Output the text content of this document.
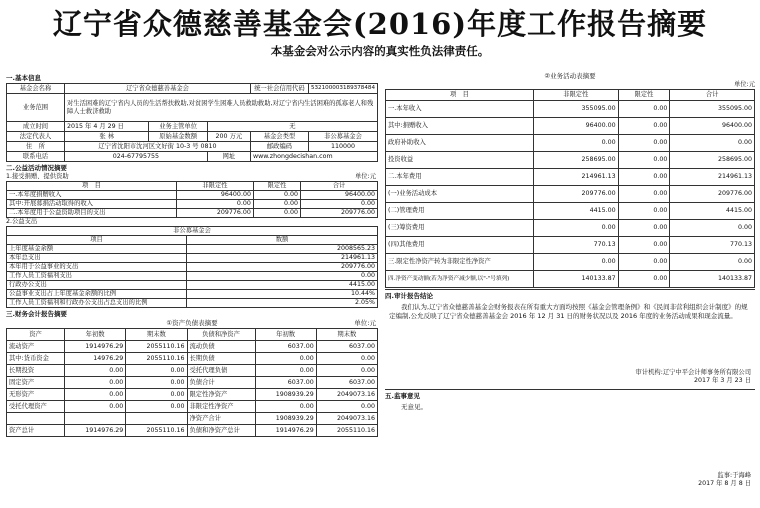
辽宁省众德慈善基金会(2016)年度工作报告摘要
本基金会对公示内容的真实性负法律责任。
一.基本信息
基金会名称	辽宁省众德慈善基金会			统一社会信用代码	53210000318937848​4
业务范围	对生活困难的辽宁省内人员的生活帮扶救助,对贫困学生困难人员救助救助,对辽宁省内生活困难的孤寡老人和残障人士救济救助				
成立时间	2015 年 4 月 29 日	业务主管单位	无		
法定代表人	张 林	原始基金数额	200 万元	基金会类型	非公募基金会
住　所	辽宁省沈阳市沈河区文好街 10-3 号 0810			邮政编码	110000
联系电话	024-67795755		网址	www.zhongdecishan.com	
二.公益活动情况摘要
1.接受捐赠、提供资助	单位:元
项　目	非限定性	限定性	合计
一.本年度捐赠收入	96400.00	0.00	96400.00
其中:开展募捐活动取得的收入	0.00	0.00	0.00
二.本年度用于公益资助项目的支出	209776.00	0.00	209776.00
2.公益支出
非公募基金会	
项目	数额
上年度基金余额	2008565.23
本年总支出	214961.13
本年用于公益事业的支出	209776.00
工作人员工资福利支出	0.00
行政办公支出	4415.00
公益事业支出占上年度基金余额的比例	10.44%
工作人员工资福利和行政办公支出占总支出的比例	2.05%
三.财务会计报告摘要
①资产负债表摘要	单位:元
资产	年初数	期末数	负债和净资产	年初数	期末数
流动资产	1914976.29	2055110.16	流动负债	6037.00	6037.00
其中:货币资金	14976.29	2055110.16	长期负债	0.00	0.00
长期投资	0.00	0.00	受托代理负债	0.00	0.00
固定资产	0.00	0.00	负债合计	6037.00	6037.00
无形资产	0.00	0.00	限定性净资产	1908939.29	2049073.16
受托代理资产	0.00	0.00	非限定性净资产	0.00	0.00
			净资产合计	1908939.29	2049073.16
资产总计	1914976.29	2055110.16	负债和净资产总计	1914976.29	2055110.16
②业务活动表摘要
单位:元
项　目	非限定性	限定性	合计
一.本年收入	355095.00	0.00	355095.00
其中:捐赠收入	96400.00	0.00	96400.00
政府补助收入	0.00	0.00	0.00
投资收益	258695.00	0.00	258695.00
二.本年费用	214961.13	0.00	214961.13
(一)业务活动成本	209776.00	0.00	209776.00
(二)管理费用	4415.00	0.00	4415.00
(三)筹资费用	0.00	0.00	0.00
(四)其他费用	770.13	0.00	770.13
三.限定性净资产转为非限定性净资产	0.00	0.00	0.00
四.净资产变动额(若为净资产减少额,以"-"号填列)	140133.87	0.00	140133.87
四.审计报告结论
我们认为,辽宁省众德慈善基金会财务报表在所有重大方面均按照《基金会管理条例》和《民间非营利组织会计制度》的规定编制,公允反映了辽宁省众德慈善基金会 2016 年 12 月 31 日的财务状况以及 2016 年度的业务活动成果和现金流量。
审计机构:辽宁中平会计师事务所有限公司
2017 年 3 月 23 日
五.监事意见
无意见。
监事:于海峰
2017 年 8 月 8 日
